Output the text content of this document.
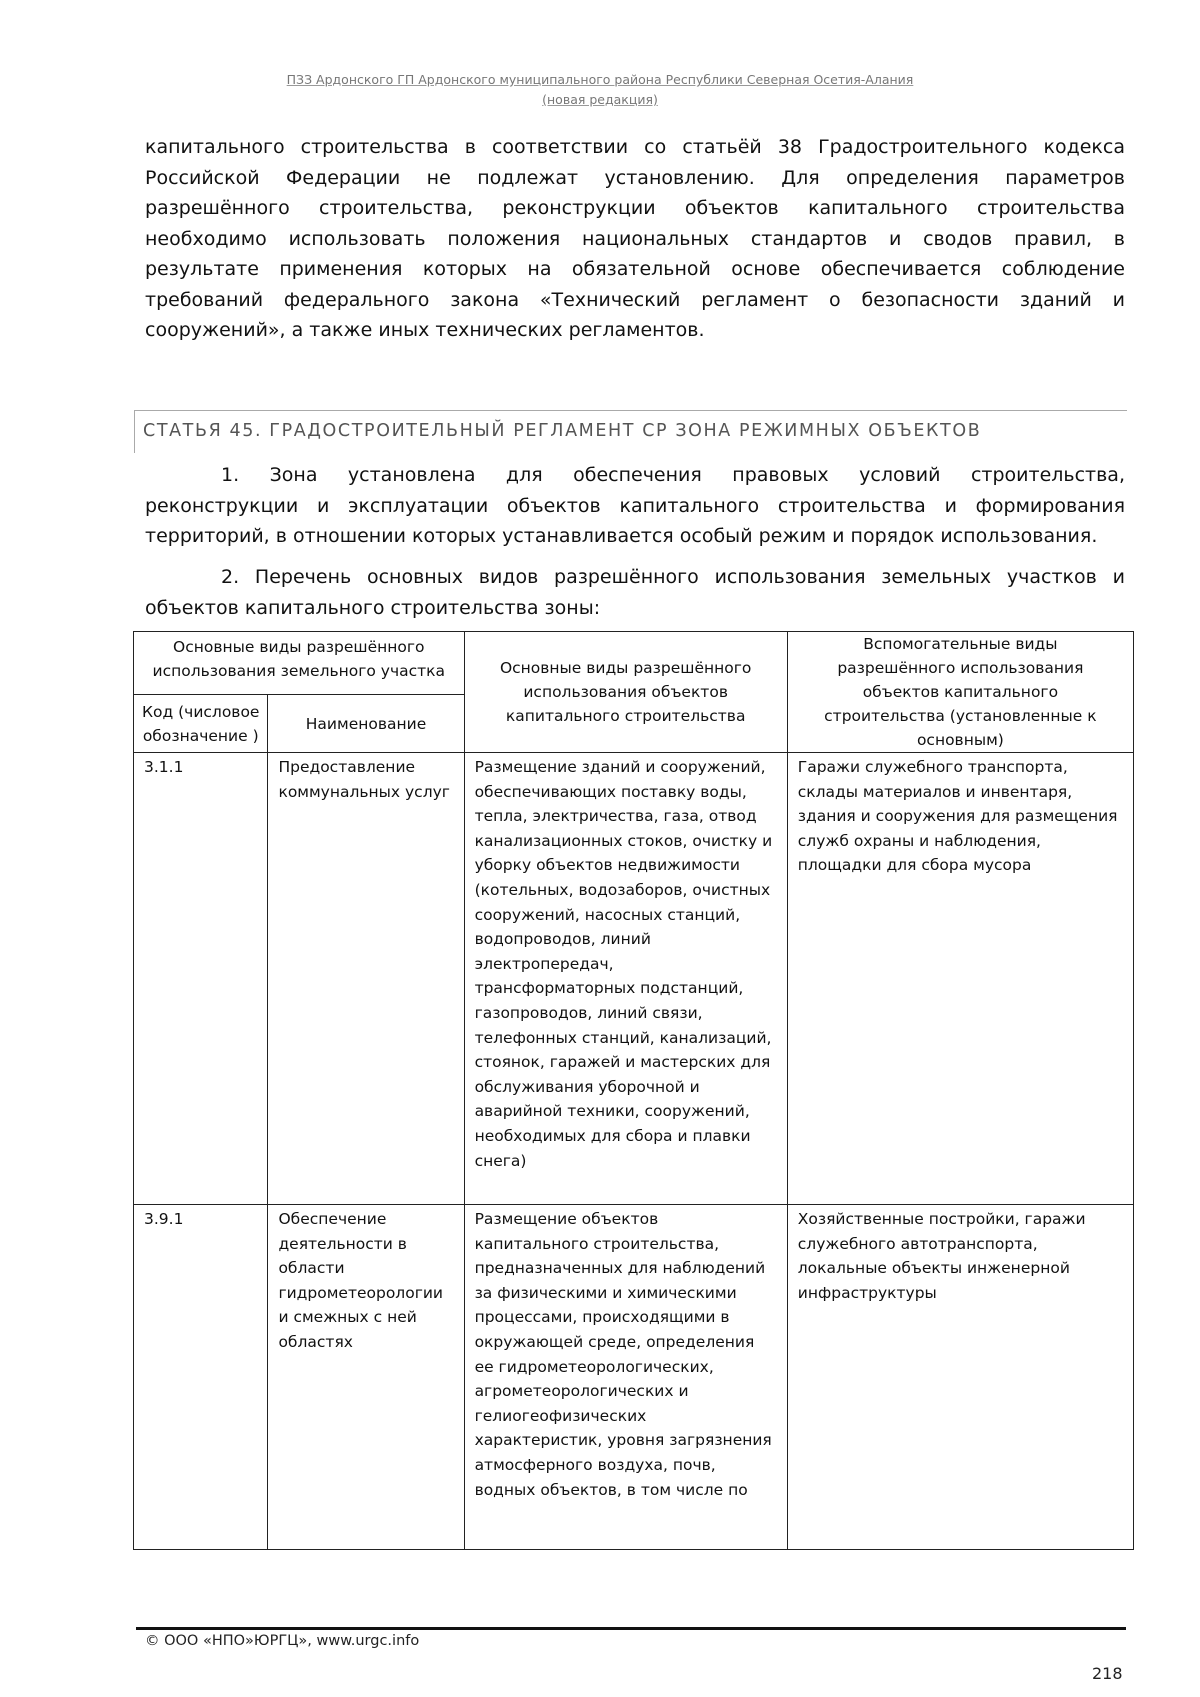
ПЗЗ Ардонского ГП Ардонского муниципального района Республики Северная Осетия-Алания
(новая редакция)
капитального строительства в соответствии со статьёй 38 Градостроительного кодекса
Российской Федерации не подлежат установлению. Для определения параметров
разрешённого строительства, реконструкции объектов капитального строительства
необходимо использовать положения национальных стандартов и сводов правил, в
результате применения которых на обязательной основе обеспечивается соблюдение
требований федерального закона «Технический регламент о безопасности зданий и
сооружений», а также иных технических регламентов.
СТАТЬЯ 45. ГРАДОСТРОИТЕЛЬНЫЙ РЕГЛАМЕНТ СР ЗОНА РЕЖИМНЫХ ОБЪЕКТОВ
1. Зона установлена для обеспечения правовых условий строительства,
реконструкции и эксплуатации объектов капитального строительства и формирования
территорий, в отношении которых устанавливается особый режим и порядок использования.
2. Перечень основных видов разрешённого использования земельных участков и
объектов капитального строительства зоны:
Основные виды разрешённого использования земельного участка		Основные виды разрешённого использования объектов капитального строительства	Вспомогательные виды разрешённого использования объектов капитального строительства (установленные к основным)
Код (числовое обозначение )	Наименование		
3.1.1	Предоставление коммунальных услуг	Размещение зданий и сооружений, обеспечивающих поставку воды, тепла, электричества, газа, отвод канализационных стоков, очистку и уборку объектов недвижимости (котельных, водозаборов, очистных сооружений, насосных станций, водопроводов, линий электропередач, трансформаторных подстанций, газопроводов, линий связи, телефонных станций, канализаций, стоянок, гаражей и мастерских для обслуживания уборочной и аварийной техники, сооружений, необходимых для сбора и плавки снега)	Гаражи служебного транспорта, склады материалов и инвентаря, здания и сооружения для размещения служб охраны и наблюдения, площадки для сбора мусора
3.9.1	Обеспечение деятельности в области гидрометеорологии и смежных с ней областях	Размещение объектов капитального строительства, предназначенных для наблюдений за физическими и химическими процессами, происходящими в окружающей среде, определения ее гидрометеорологических, агрометеорологических и гелиогеофизических характеристик, уровня загрязнения атмосферного воздуха, почв, водных объектов, в том числе по	Хозяйственные постройки, гаражи служебного автотранспорта, локальные объекты инженерной инфраструктуры
© ООО «НПО»ЮРГЦ», www.urgc.info
218
